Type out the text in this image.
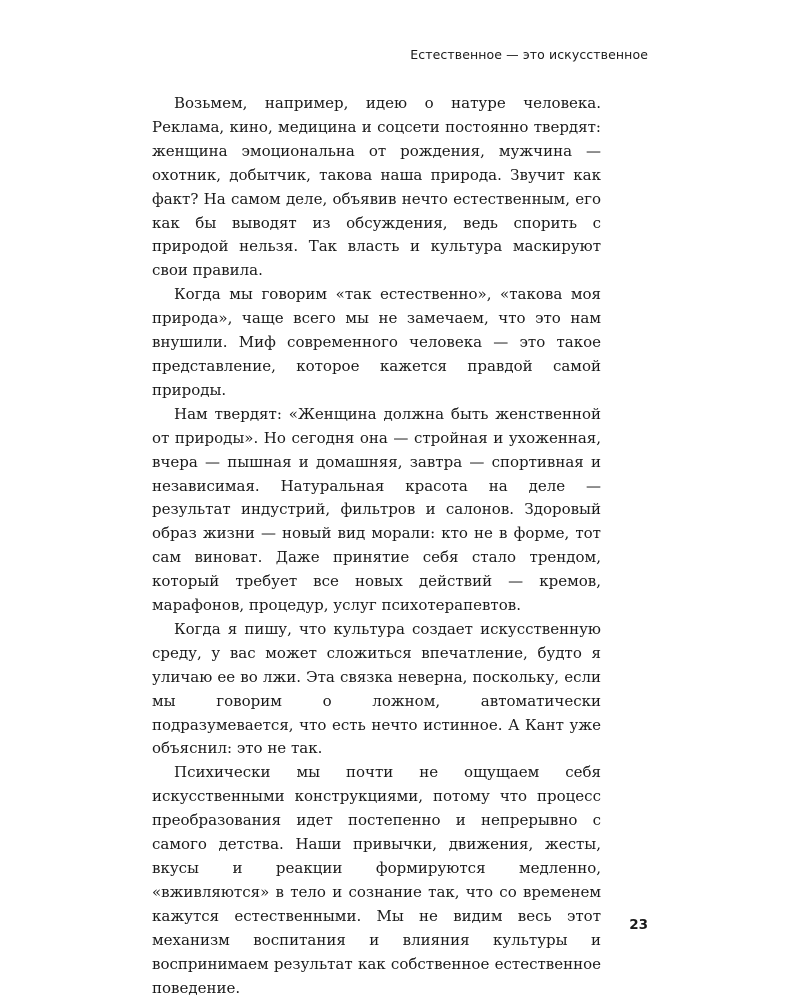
Естественное — это искусственное

Возьмем, например, идею о натуре человека. Реклама, кино, медицина и соцсети постоянно твердят: женщина эмоциональна от рождения, мужчина — охотник, добытчик, такова наша природа. Звучит как факт? На самом деле, объявив нечто естественным, его как бы выводят из обсуждения, ведь спорить с природой нельзя. Так власть и культура маскируют свои правила.

Когда мы говорим «так естественно», «такова моя природа», чаще всего мы не замечаем, что это нам внушили. Миф современного человека — это такое представление, которое кажется правдой самой природы.

Нам твердят: «Женщина должна быть женственной от природы». Но сегодня она — стройная и ухоженная, вчера — пышная и домашняя, завтра — спортивная и независимая. Натуральная красота на деле — результат индустрий, фильтров и салонов. Здоровый образ жизни — новый вид морали: кто не в форме, тот сам виноват. Даже принятие себя стало трендом, который требует все новых действий — кремов, марафонов, процедур, услуг психотерапевтов.

Когда я пишу, что культура создает искусственную среду, у вас может сложиться впечатление, будто я уличаю ее во лжи. Эта связка неверна, поскольку, если мы говорим о ложном, автоматически подразумевается, что есть нечто истинное. А Кант уже объяснил: это не так.

Психически мы почти не ощущаем себя искусственными конструкциями, потому что процесс преобразования идет постепенно и непрерывно с самого детства. Наши привычки, движения, жесты, вкусы и реакции формируются медленно, «вживляются» в тело и сознание так, что со временем кажутся естественными. Мы не видим весь этот механизм воспитания и влияния культуры и воспринимаем результат как собственное естественное поведение.

23
